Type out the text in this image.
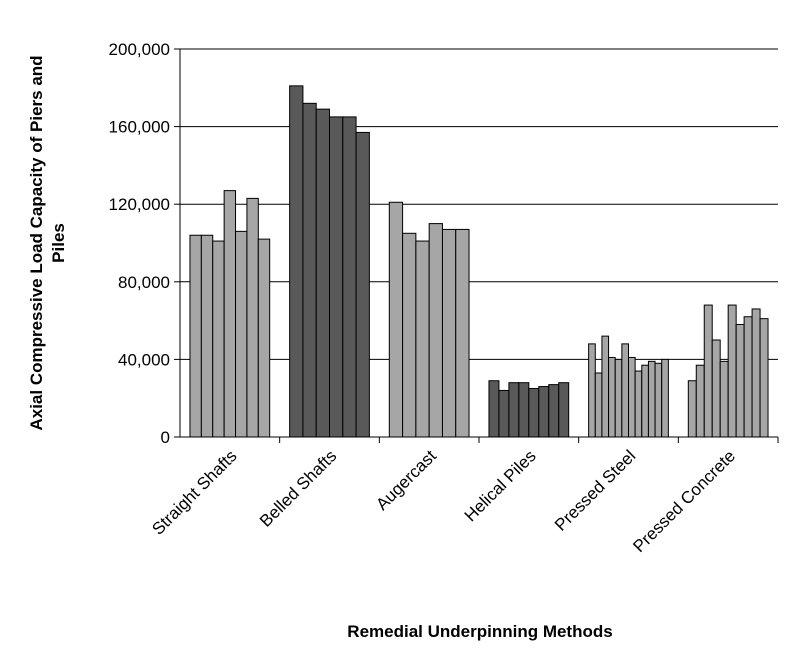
0
40,000
80,000
120,000
160,000
200,000
Straight Shafts Belled Shafts Augercast Helical Piles Pressed Steel
Pressed Concrete
Axial Compressive Load Capacity of Piers and Piles
Remedial Underpinning Methods
